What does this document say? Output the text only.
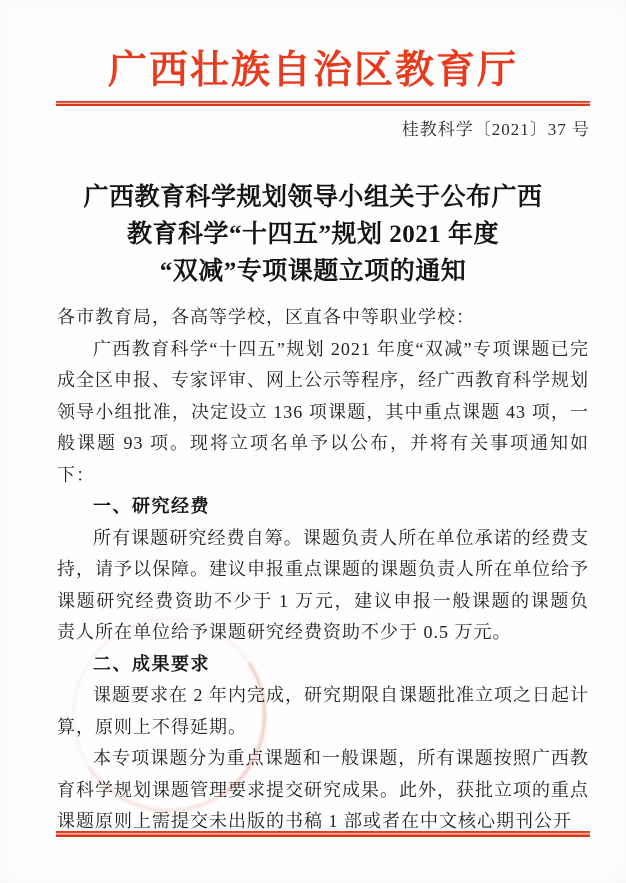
广西壮族自治区教育厅
桂教科学〔2021〕37 号
广西教育科学规划领导小组关于公布广西
教育科学“十四五”规划 2021 年度
“双减”专项课题立项的通知

各市教育局，各高等学校，区直各中等职业学校：

广西教育科学“十四五”规划 2021 年度“双减”专项课题已完成全区申报、专家评审、网上公示等程序，经广西教育科学规划领导小组批准，决定设立 136 项课题，其中重点课题 43 项，一般课题 93 项。现将立项名单予以公布，并将有关事项通知如下：

一、研究经费

所有课题研究经费自筹。课题负责人所在单位承诺的经费支持，请予以保障。建议申报重点课题的课题负责人所在单位给予课题研究经费资助不少于 1 万元，建议申报一般课题的课题负责人所在单位给予课题研究经费资助不少于 0.5 万元。

二、成果要求

课题要求在 2 年内完成，研究期限自课题批准立项之日起计算，原则上不得延期。

本专项课题分为重点课题和一般课题，所有课题按照广西教育科学规划课题管理要求提交研究成果。此外，获批立项的重点课题原则上需提交未出版的书稿 1 部或者在中文核心期刊公开
